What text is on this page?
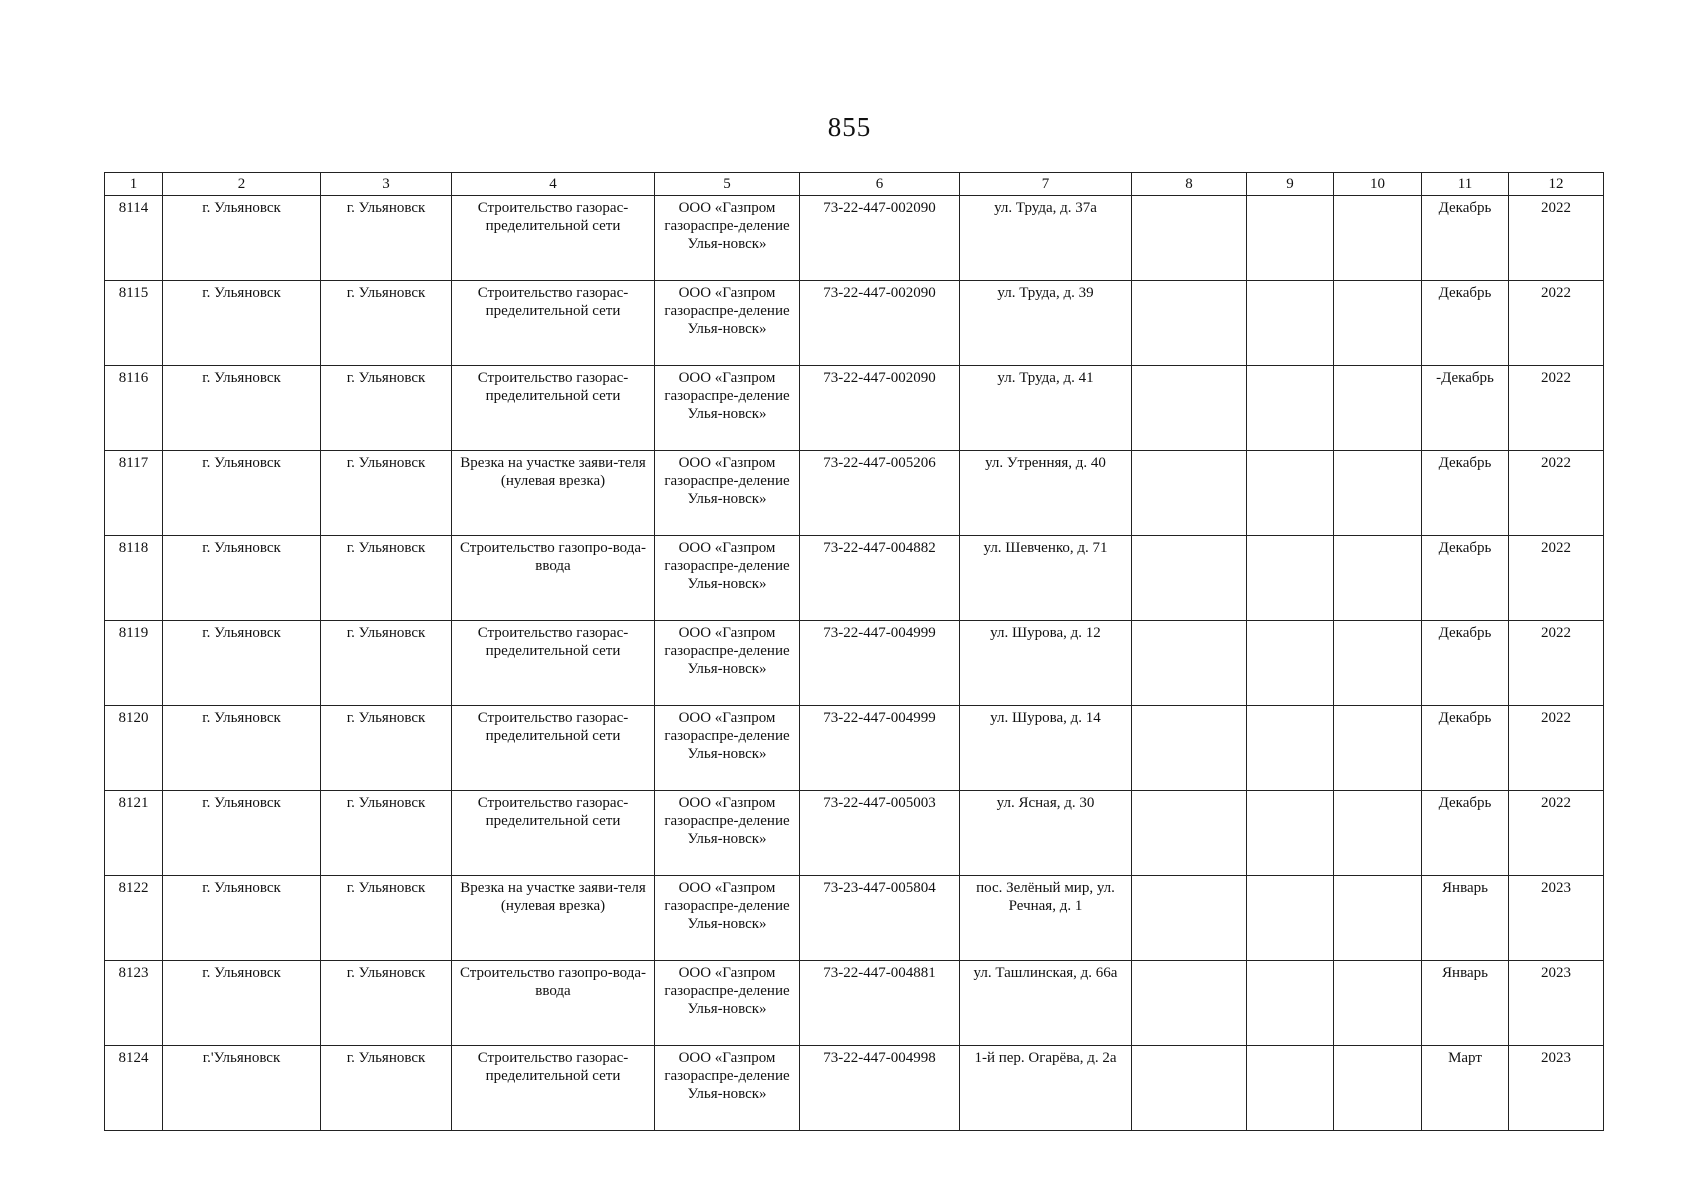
855
1	2	3	4	5	6	7	8	9	10	11	12
8114	г. Ульяновск	г. Ульяновск	Строительство газорас-пределительной сети	ООО «Газпром газораспре-деление Улья-новск»	73-22-447-002090	ул. Труда, д. 37а				Декабрь	2022
8115	г. Ульяновск	г. Ульяновск	Строительство газорас-пределительной сети	ООО «Газпром газораспре-деление Улья-новск»	73-22-447-002090	ул. Труда, д. 39				Декабрь	2022
8116	г. Ульяновск	г. Ульяновск	Строительство газорас-пределительной сети	ООО «Газпром газораспре-деление Улья-новск»	73-22-447-002090	ул. Труда, д. 41				-Декабрь	2022
8117	г. Ульяновск	г. Ульяновск	Врезка на участке заяви-теля (нулевая врезка)	ООО «Газпром газораспре-деление Улья-новск»	73-22-447-005206	ул. Утренняя, д. 40				Декабрь	2022
8118	г. Ульяновск	г. Ульяновск	Строительство газопро-вода-ввода	ООО «Газпром газораспре-деление Улья-новск»	73-22-447-004882	ул. Шевченко, д. 71				Декабрь	2022
8119	г. Ульяновск	г. Ульяновск	Строительство газорас-пределительной сети	ООО «Газпром газораспре-деление Улья-новск»	73-22-447-004999	ул. Шурова, д. 12				Декабрь	2022
8120	г. Ульяновск	г. Ульяновск	Строительство газорас-пределительной сети	ООО «Газпром газораспре-деление Улья-новск»	73-22-447-004999	ул. Шурова, д. 14				Декабрь	2022
8121	г. Ульяновск	г. Ульяновск	Строительство газорас-пределительной сети	ООО «Газпром газораспре-деление Улья-новск»	73-22-447-005003	ул. Ясная, д. 30				Декабрь	2022
8122	г. Ульяновск	г. Ульяновск	Врезка на участке заяви-теля (нулевая врезка)	ООО «Газпром газораспре-деление Улья-новск»	73-23-447-005804	пос. Зелёный мир, ул. Речная, д. 1				Январь	2023
8123	г. Ульяновск	г. Ульяновск	Строительство газопро-вода-ввода	ООО «Газпром газораспре-деление Улья-новск»	73-22-447-004881	ул. Ташлинская, д. 66а				Январь	2023
8124	г.'Ульяновск	г. Ульяновск	Строительство газорас-пределительной сети	ООО «Газпром газораспре-деление Улья-новск»	73-22-447-004998	1-й пер. Огарёва, д. 2а				Март	2023
